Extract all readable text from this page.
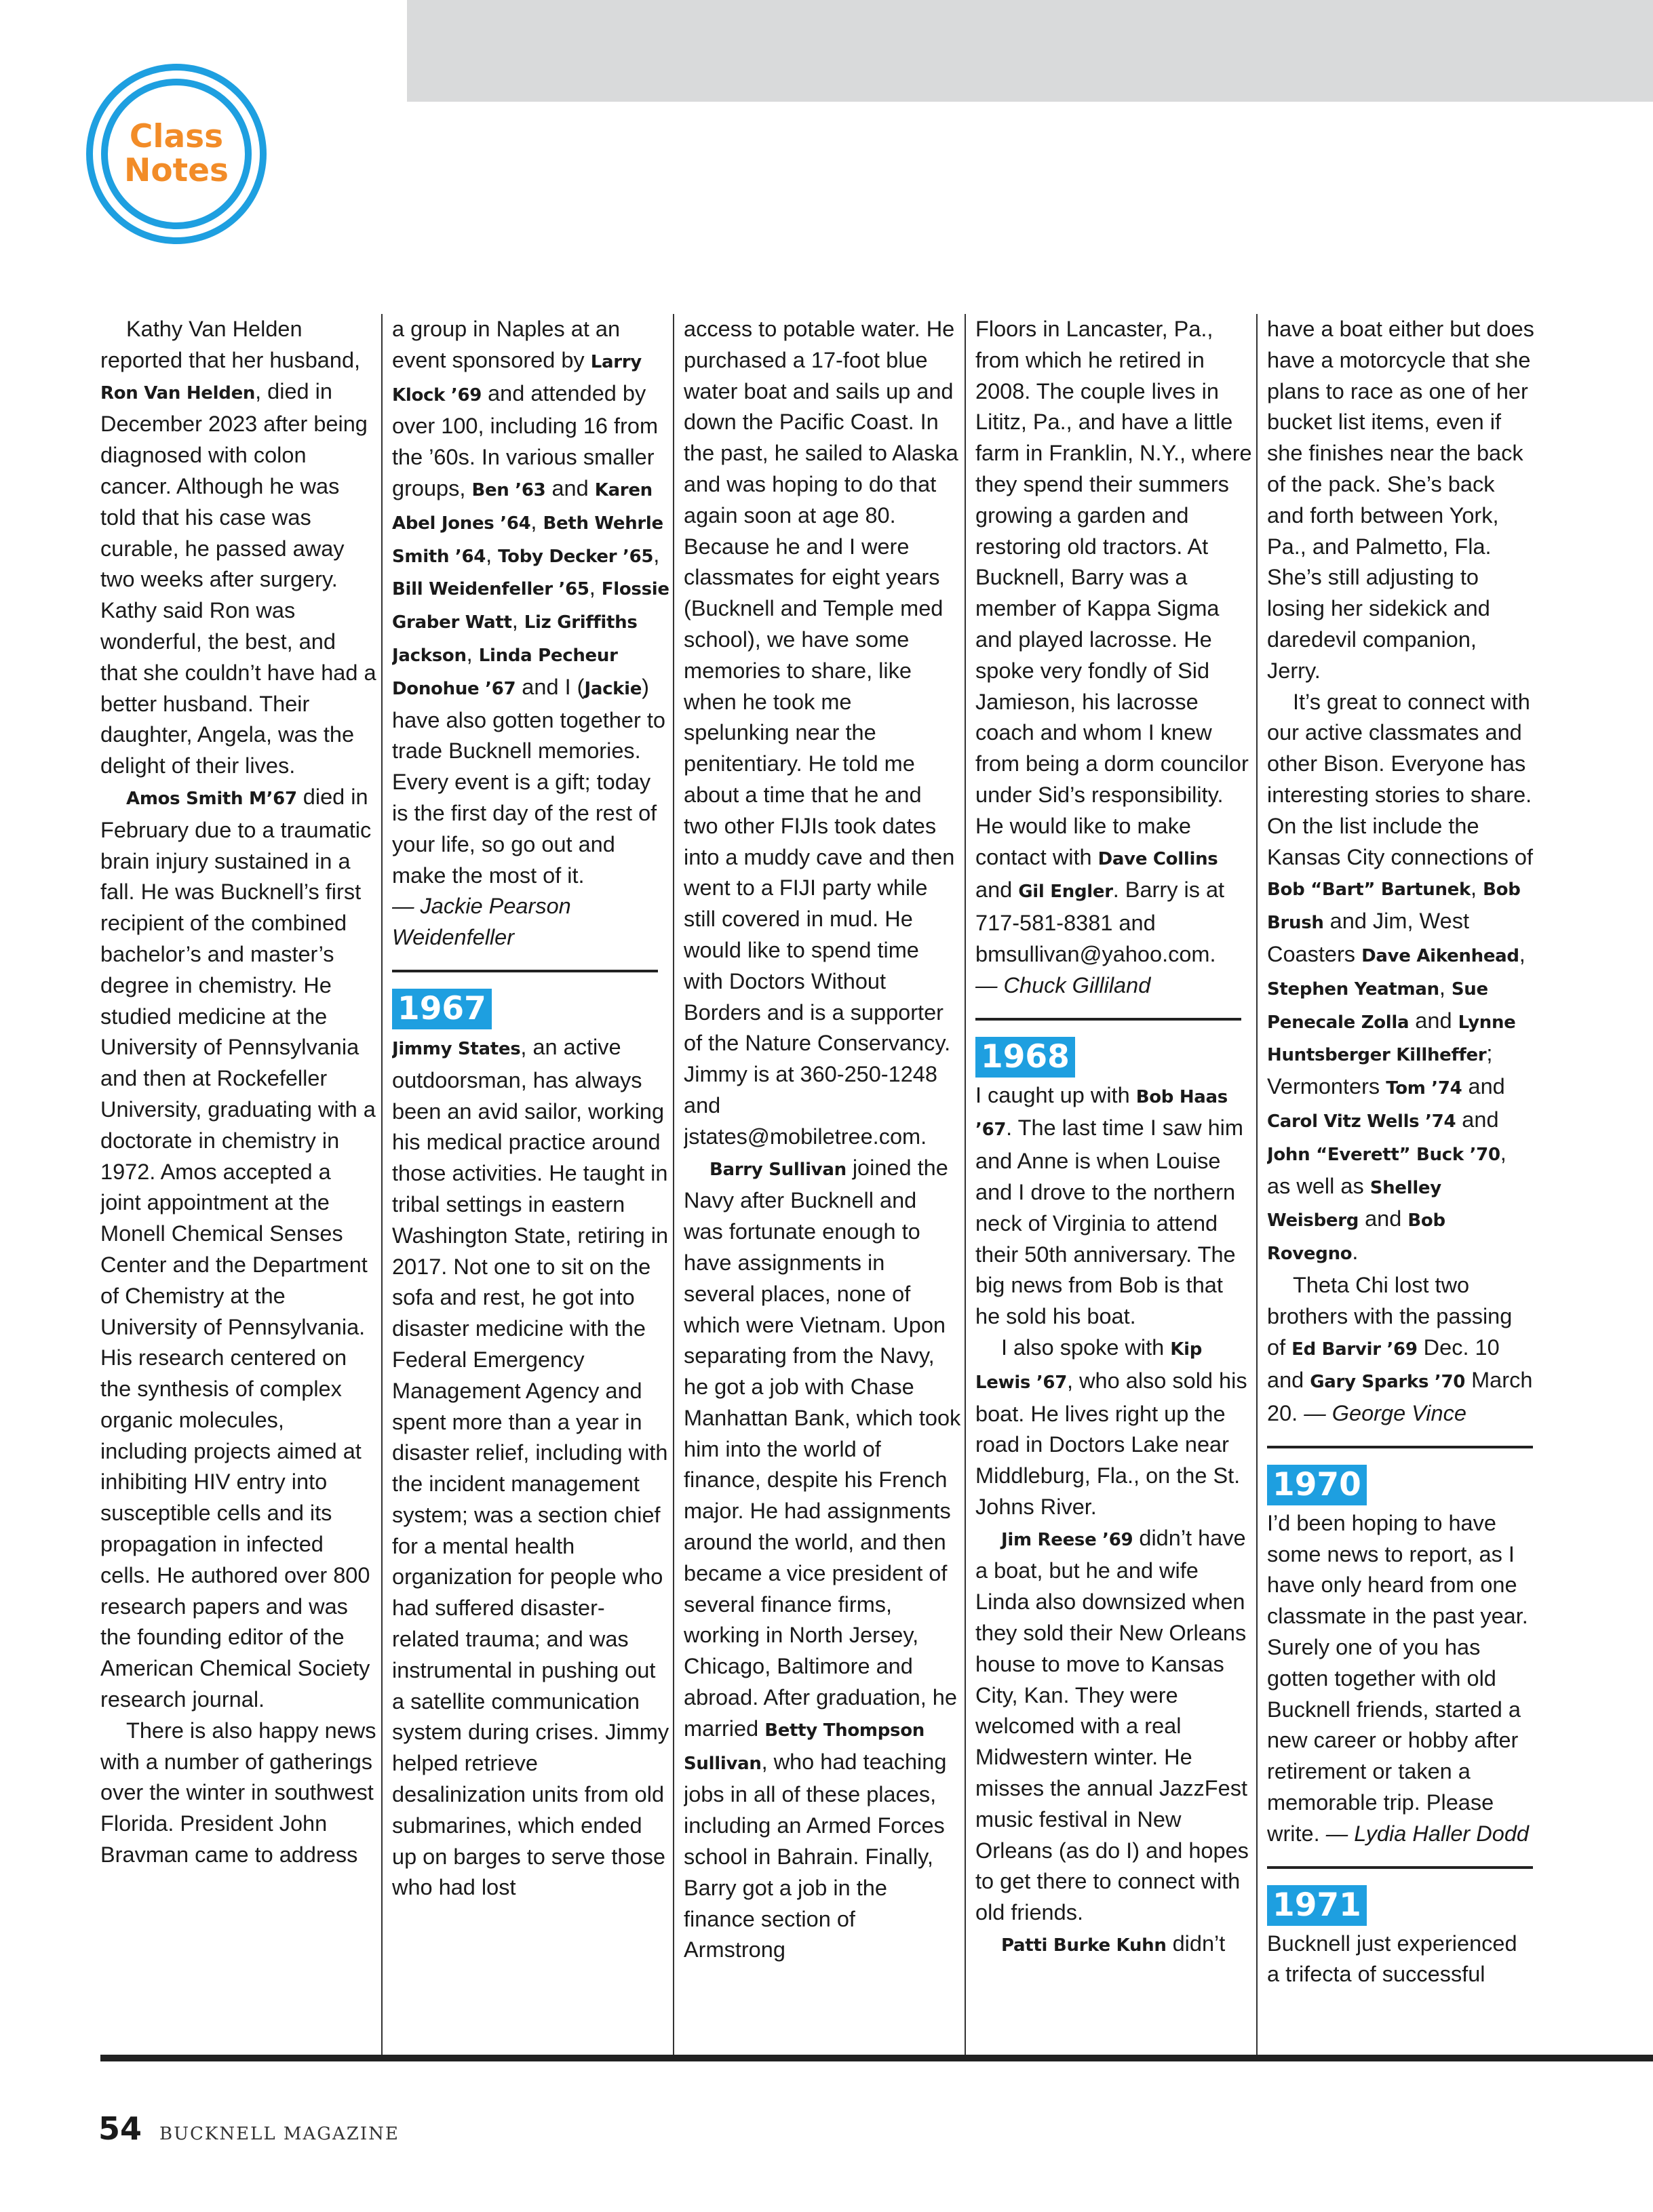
Class
Notes

Kathy Van Helden reported that her husband, Ron Van Helden, died in December 2023 after being diagnosed with colon cancer. Although he was told that his case was curable, he passed away two weeks after surgery. Kathy said Ron was wonderful, the best, and that she couldn’t have had a better husband. Their daughter, Angela, was the delight of their lives.

Amos Smith M’67 died in February due to a traumatic brain injury sustained in a fall. He was Bucknell’s first recipient of the combined bachelor’s and master’s degree in chemistry. He studied medicine at the University of Pennsylvania and then at Rockefeller University, graduating with a doctorate in chemistry in 1972. Amos accepted a joint appointment at the Monell Chemical Senses Center and the Department of Chemistry at the University of Pennsylvania. His research centered on the synthesis of complex organic molecules, including projects aimed at inhibiting HIV entry into susceptible cells and its propagation in infected cells. He authored over 800 research papers and was the founding editor of the American Chemical Society research journal.

There is also happy news with a number of gatherings over the winter in southwest Florida. President John Bravman came to address

a group in Naples at an event sponsored by Larry Klock ’69 and attended by over 100, including 16 from the ’60s. In various smaller groups, Ben ’63 and Karen Abel Jones ’64, Beth Wehrle Smith ’64, Toby Decker ’65, Bill Weidenfeller ’65, Flossie Graber Watt, Liz Griffiths Jackson, Linda Pecheur Donohue ’67 and I (Jackie) have also gotten together to trade Bucknell memories. Every event is a gift; today is the first day of the rest of your life, so go out and make the most of it.

— Jackie Pearson Weidenfeller

1967

Jimmy States, an active outdoorsman, has always been an avid sailor, working his medical practice around those activities. He taught in tribal settings in eastern Washington State, retiring in 2017. Not one to sit on the sofa and rest, he got into disaster medicine with the Federal Emergency Management Agency and spent more than a year in disaster relief, including with the incident management system; was a section chief for a mental health organization for people who had suffered disaster-related trauma; and was instrumental in pushing out a satellite communication system during crises. Jimmy helped retrieve desalinization units from old submarines, which ended up on barges to serve those who had lost

access to potable water. He purchased a 17-foot blue water boat and sails up and down the Pacific Coast. In the past, he sailed to Alaska and was hoping to do that again soon at age 80. Because he and I were classmates for eight years (Bucknell and Temple med school), we have some memories to share, like when he took me spelunking near the penitentiary. He told me about a time that he and two other FIJIs took dates into a muddy cave and then went to a FIJI party while still covered in mud. He would like to spend time with Doctors Without Borders and is a supporter of the Nature Conservancy. Jimmy is at 360-250-1248 and jstates@mobiletree.com.

Barry Sullivan joined the Navy after Bucknell and was fortunate enough to have assignments in several places, none of which were Vietnam. Upon separating from the Navy, he got a job with Chase Manhattan Bank, which took him into the world of finance, despite his French major. He had assignments around the world, and then became a vice president of several finance firms, working in North Jersey, Chicago, Baltimore and abroad. After graduation, he married Betty Thompson Sullivan, who had teaching jobs in all of these places, including an Armed Forces school in Bahrain. Finally, Barry got a job in the finance section of Armstrong

Floors in Lancaster, Pa., from which he retired in 2008. The couple lives in Lititz, Pa., and have a little farm in Franklin, N.Y., where they spend their summers growing a garden and restoring old tractors. At Bucknell, Barry was a member of Kappa Sigma and played lacrosse. He spoke very fondly of Sid Jamieson, his lacrosse coach and whom I knew from being a dorm councilor under Sid’s responsibility. He would like to make contact with Dave Collins and Gil Engler. Barry is at 717-581-8381 and bmsullivan@yahoo.com.

— Chuck Gilliland

1968

I caught up with Bob Haas ’67. The last time I saw him and Anne is when Louise and I drove to the northern neck of Virginia to attend their 50th anniversary. The big news from Bob is that he sold his boat.

I also spoke with Kip Lewis ’67, who also sold his boat. He lives right up the road in Doctors Lake near Middleburg, Fla., on the St. Johns River.

Jim Reese ’69 didn’t have a boat, but he and wife Linda also downsized when they sold their New Orleans house to move to Kansas City, Kan. They were welcomed with a real Midwestern winter. He misses the annual JazzFest music festival in New Orleans (as do I) and hopes to get there to connect with old friends.

Patti Burke Kuhn didn’t

have a boat either but does have a motorcycle that she plans to race as one of her bucket list items, even if she finishes near the back of the pack. She’s back and forth between York, Pa., and Palmetto, Fla. She’s still adjusting to losing her sidekick and daredevil companion, Jerry.

It’s great to connect with our active classmates and other Bison. Everyone has interesting stories to share. On the list include the Kansas City connections of Bob “Bart” Bartunek, Bob Brush and Jim, West Coasters Dave Aikenhead, Stephen Yeatman, Sue Penecale Zolla and Lynne Huntsberger Killheffer; Vermonters Tom ’74 and Carol Vitz Wells ’74 and John “Everett” Buck ’70, as well as Shelley Weisberg and Bob Rovegno.

Theta Chi lost two brothers with the passing of Ed Barvir ’69 Dec. 10 and Gary Sparks ’70 March 20. — George Vince

1970

I’d been hoping to have some news to report, as I have only heard from one classmate in the past year. Surely one of you has gotten together with old Bucknell friends, started a new career or hobby after retirement or taken a memorable trip. Please write. — Lydia Haller Dodd

1971

Bucknell just experienced a trifecta of successful

54 BUCKNELL MAGAZINE
